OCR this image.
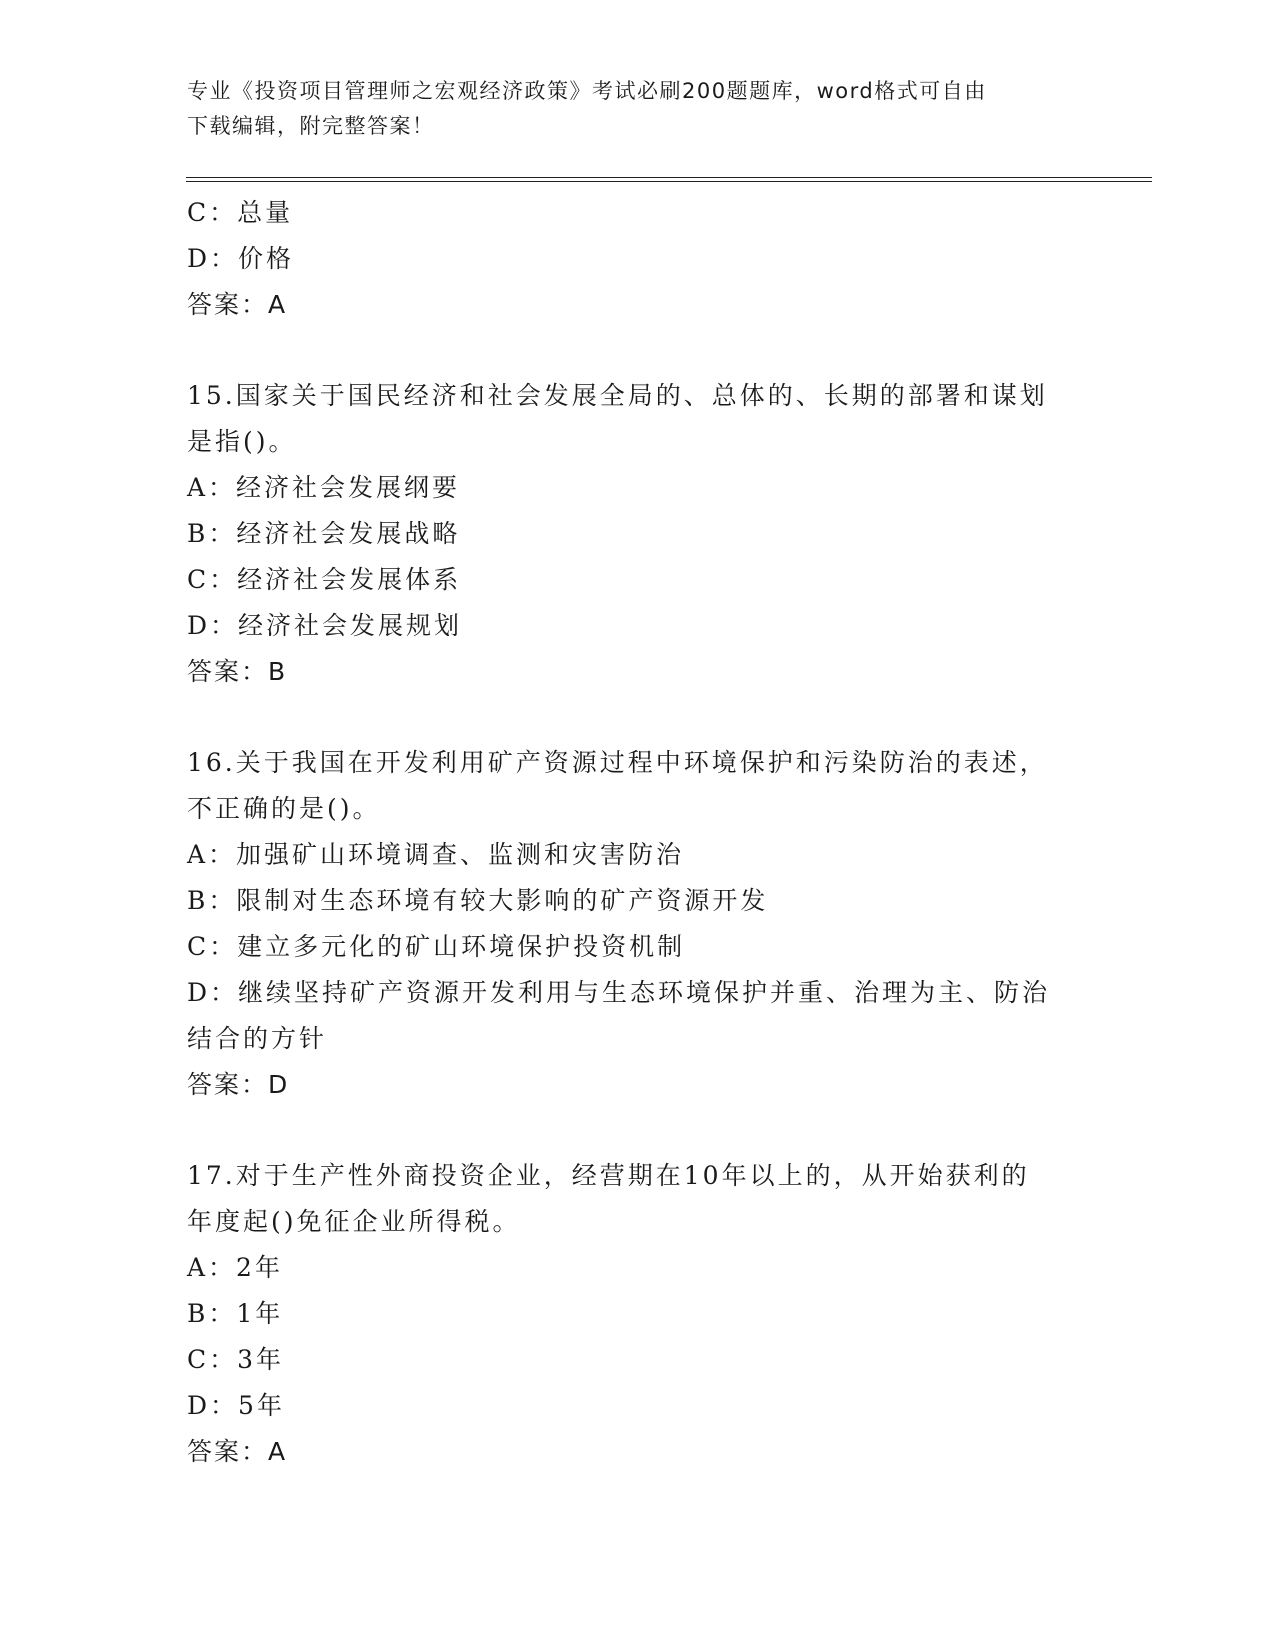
专业《投资项目管理师之宏观经济政策》考试必刷200题题库，word格式可自由
下载编辑，附完整答案！
C：总量
D：价格
答案：A
15.国家关于国民经济和社会发展全局的、总体的、长期的部署和谋划
是指()。
A：经济社会发展纲要
B：经济社会发展战略
C：经济社会发展体系
D：经济社会发展规划
答案：B
16.关于我国在开发利用矿产资源过程中环境保护和污染防治的表述，
不正确的是()。
A：加强矿山环境调查、监测和灾害防治
B：限制对生态环境有较大影响的矿产资源开发
C：建立多元化的矿山环境保护投资机制
D：继续坚持矿产资源开发利用与生态环境保护并重、治理为主、防治
结合的方针
答案：D
17.对于生产性外商投资企业，经营期在10年以上的，从开始获利的
年度起()免征企业所得税。
A：2年
B：1年
C：3年
D：5年
答案：A
